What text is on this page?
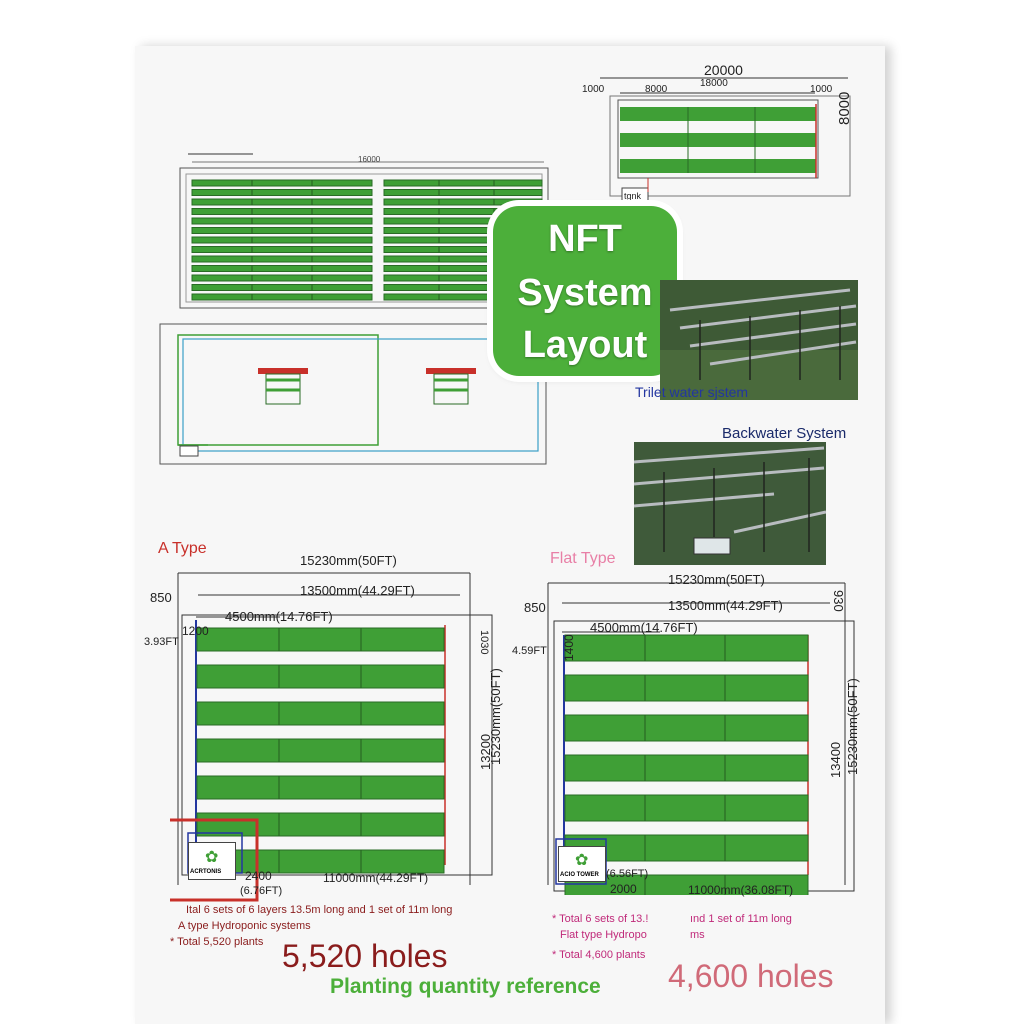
20000
18000
1000	8000	1000
8000
tgnk
16000
NFT
System
Layout
Trilet water sjstem
Backwater System
A Type
✿
ACRTONIS
15230mm(50FT)
13500mm(44.29FT)
850
4500mm(14.76FT)
1200
3.93FT	1030
13200
15230mm(50FT)
2400
(6.76FT)
11000mm(44.29FT)
Ital 6 sets of 6 layers 13.5m long and 1 set of 11m long
A type Hydroponic systems
* Total 5,520 plants 5,520 holes
Flat Type
✿
ACIO TOWER
15230mm(50FT)
13500mm(44.29FT)
850
4500mm(14.76FT)
930
1400
4.59FT
13400 15230mm(50FT)
(6.56FT)
2000	11000mm(36.08FT)
* Total 6 sets of 13.!	ınd 1 set of 11m long
Flat type Hydropo	ms
* Total 4,600 plants
4,600 holes
Planting quantity reference
